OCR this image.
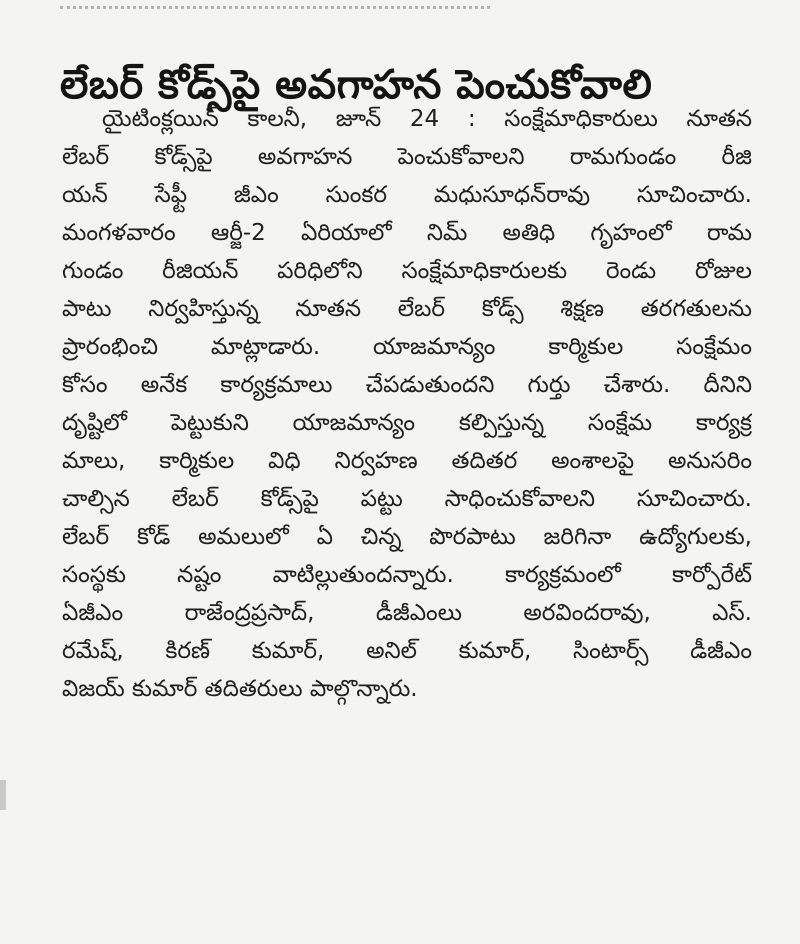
లేబర్ కోడ్స్‌పై అవగాహన పెంచుకోవాలి
యైటింక్లయిన్ కాలనీ, జూన్ 24 : సంక్షేమాధికారులు నూతన
లేబర్ కోడ్స్‌పై అవగాహన పెంచుకోవాలని రామగుండం రీజి
యన్ సేఫ్టీ జీఎం సుంకర మధుసూధన్‌రావు సూచించారు.
మంగళవారం ఆర్జీ-2 ఏరియాలో నిమ్ అతిధి గృహంలో రామ
గుండం రీజియన్ పరిధిలోని సంక్షేమాధికారులకు రెండు రోజుల
పాటు నిర్వహిస్తున్న నూతన లేబర్ కోడ్స్ శిక్షణ తరగతులను
ప్రారంభించి మాట్లాడారు. యాజమాన్యం కార్మికుల సంక్షేమం
కోసం అనేక కార్యక్రమాలు చేపడుతుందని గుర్తు చేశారు. దీనిని
దృష్టిలో పెట్టుకుని యాజమాన్యం కల్పిస్తున్న సంక్షేమ కార్యక్ర
మాలు, కార్మికుల విధి నిర్వహణ తదితర అంశాలపై అనుసరిం
చాల్సిన లేబర్ కోడ్స్‌పై పట్టు సాధించుకోవాలని సూచించారు.
లేబర్ కోడ్ అమలులో ఏ చిన్న పొరపాటు జరిగినా ఉద్యోగులకు,
సంస్థకు నష్టం వాటిల్లుతుందన్నారు. కార్యక్రమంలో కార్పోరేట్
ఏజీఎం రాజేంద్రప్రసాద్, డీజీఎంలు అరవిందరావు, ఎస్.
రమేష్, కిరణ్ కుమార్, అనిల్ కుమార్, సింటార్స్ డీజీఎం
విజయ్ కుమార్ తదితరులు పాల్గొన్నారు.
